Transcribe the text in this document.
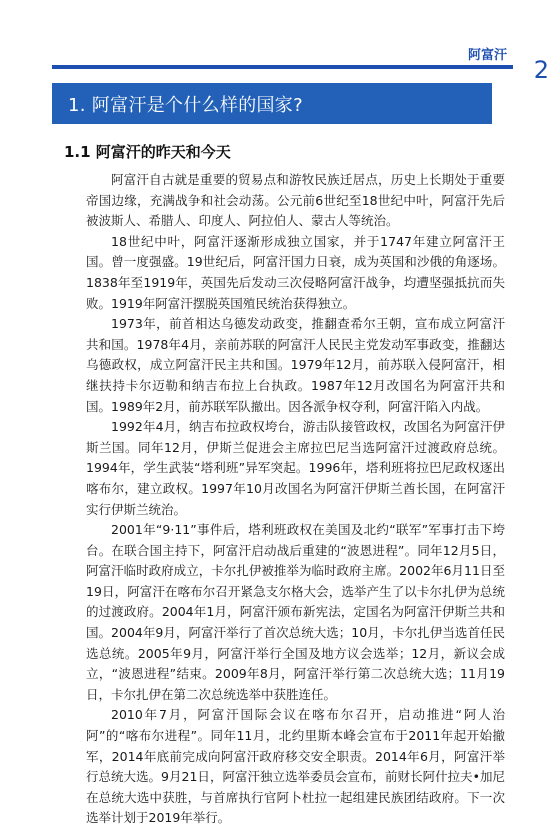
阿富汗
2
1. 阿富汗是个什么样的国家?
1.1 阿富汗的昨天和今天

阿富汗自古就是重要的贸易点和游牧民族迁居点，历史上长期处于重要帝国边缘，充满战争和社会动荡。公元前6世纪至18世纪中叶，阿富汗先后被波斯人、希腊人、印度人、阿拉伯人、蒙古人等统治。

18世纪中叶，阿富汗逐渐形成独立国家，并于1747年建立阿富汗王国。曾一度强盛。19世纪后，阿富汗国力日衰，成为英国和沙俄的角逐场。1838年至1919年，英国先后发动三次侵略阿富汗战争，均遭坚强抵抗而失败。1919年阿富汗摆脱英国殖民统治获得独立。

1973年，前首相达乌德发动政变，推翻查希尔王朝，宣布成立阿富汗共和国。1978年4月，亲前苏联的阿富汗人民民主党发动军事政变，推翻达乌德政权，成立阿富汗民主共和国。1979年12月，前苏联入侵阿富汗，相继扶持卡尔迈勒和纳吉布拉上台执政。1987年12月改国名为阿富汗共和国。1989年2月，前苏联军队撤出。因各派争权夺利，阿富汗陷入内战。

1992年4月，纳吉布拉政权垮台，游击队接管政权，改国名为阿富汗伊斯兰国。同年12月，伊斯兰促进会主席拉巴尼当选阿富汗过渡政府总统。1994年，学生武装“塔利班”异军突起。1996年，塔利班将拉巴尼政权逐出喀布尔，建立政权。1997年10月改国名为阿富汗伊斯兰酋长国，在阿富汗实行伊斯兰统治。

2001年“9·11”事件后，塔利班政权在美国及北约“联军”军事打击下垮台。在联合国主持下，阿富汗启动战后重建的“波恩进程”。同年12月5日，阿富汗临时政府成立，卡尔扎伊被推举为临时政府主席。2002年6月11日至19日，阿富汗在喀布尔召开紧急支尔格大会，选举产生了以卡尔扎伊为总统的过渡政府。2004年1月，阿富汗颁布新宪法，定国名为阿富汗伊斯兰共和国。2004年9月，阿富汗举行了首次总统大选；10月，卡尔扎伊当选首任民选总统。2005年9月，阿富汗举行全国及地方议会选举；12月，新议会成立，“波恩进程”结束。2009年8月，阿富汗举行第二次总统大选；11月19日，卡尔扎伊在第二次总统选举中获胜连任。

2010年7月，阿富汗国际会议在喀布尔召开，启动推进“阿人治阿”的“喀布尔进程”。同年11月，北约里斯本峰会宣布于2011年起开始撤军，2014年底前完成向阿富汗政府移交安全职责。2014年6月，阿富汗举行总统大选。9月21日，阿富汗独立选举委员会宣布，前财长阿什拉夫•加尼在总统大选中获胜，与首席执行官阿卜杜拉一起组建民族团结政府。下一次选举计划于2019年举行。
